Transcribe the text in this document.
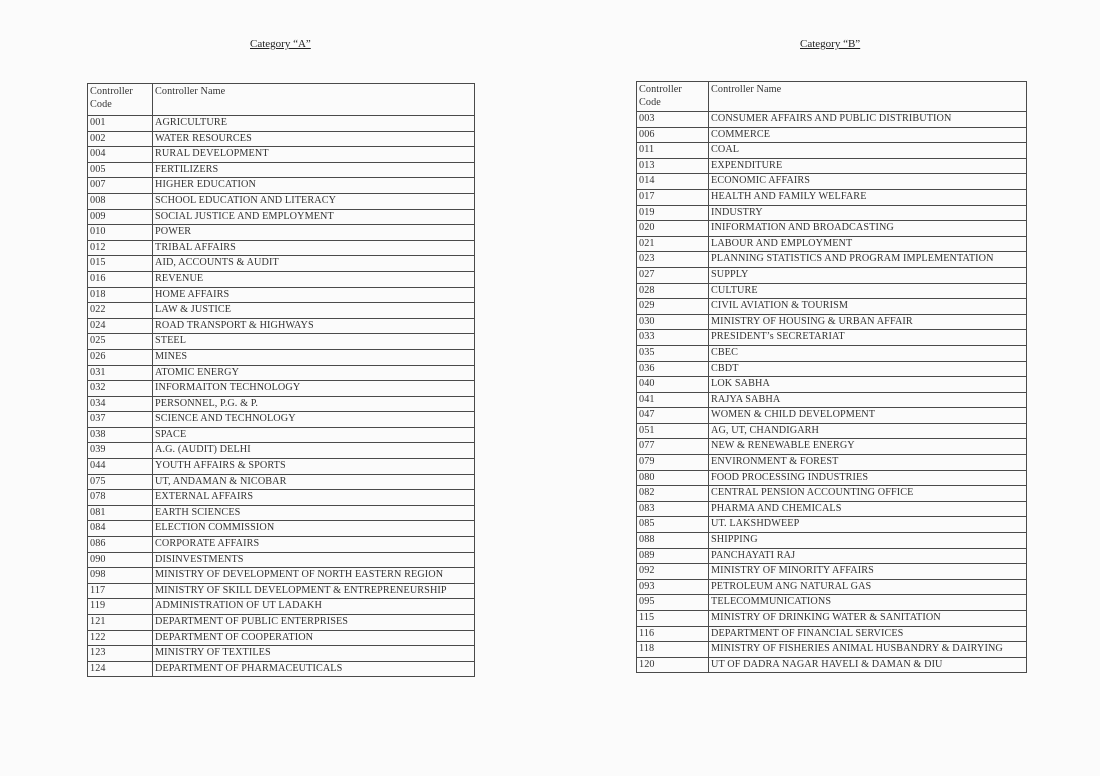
Category “A”	Category “B”
Controller Code	Controller Name
001	AGRICULTURE
002	WATER RESOURCES
004	RURAL DEVELOPMENT
005	FERTILIZERS
007	HIGHER EDUCATION
008	SCHOOL EDUCATION AND LITERACY
009	SOCIAL JUSTICE AND EMPLOYMENT
010	POWER
012	TRIBAL AFFAIRS
015	AID, ACCOUNTS & AUDIT
016	REVENUE
018	HOME AFFAIRS
022	LAW & JUSTICE
024	ROAD TRANSPORT & HIGHWAYS
025	STEEL
026	MINES
031	ATOMIC ENERGY
032	INFORMAITON TECHNOLOGY
034	PERSONNEL, P.G. & P.
037	SCIENCE AND TECHNOLOGY
038	SPACE
039	A.G. (AUDIT) DELHI
044	YOUTH AFFAIRS & SPORTS
075	UT, ANDAMAN & NICOBAR
078	EXTERNAL AFFAIRS
081	EARTH SCIENCES
084	ELECTION COMMISSION
086	CORPORATE AFFAIRS
090	DISINVESTMENTS
098	MINISTRY OF DEVELOPMENT OF NORTH EASTERN REGION
117	MINISTRY OF SKILL DEVELOPMENT & ENTREPRENEURSHIP
119	ADMINISTRATION OF UT LADAKH
121	DEPARTMENT OF PUBLIC ENTERPRISES
122	DEPARTMENT OF COOPERATION
123	MINISTRY OF TEXTILES
124	DEPARTMENT OF PHARMACEUTICALS
Controller Code	Controller Name
003	CONSUMER AFFAIRS AND PUBLIC DISTRIBUTION
006	COMMERCE
011	COAL
013	EXPENDITURE
014	ECONOMIC AFFAIRS
017	HEALTH AND FAMILY WELFARE
019	INDUSTRY
020	INIFORMATION AND BROADCASTING
021	LABOUR AND EMPLOYMENT
023	PLANNING STATISTICS AND PROGRAM IMPLEMENTATION
027	SUPPLY
028	CULTURE
029	CIVIL AVIATION & TOURISM
030	MINISTRY OF HOUSING & URBAN AFFAIR
033	PRESIDENT’s SECRETARIAT
035	CBEC
036	CBDT
040	LOK SABHA
041	RAJYA SABHA
047	WOMEN & CHILD DEVELOPMENT
051	AG, UT, CHANDIGARH
077	NEW & RENEWABLE ENERGY
079	ENVIRONMENT & FOREST
080	FOOD PROCESSING INDUSTRIES
082	CENTRAL PENSION ACCOUNTING OFFICE
083	PHARMA AND CHEMICALS
085	UT. LAKSHDWEEP
088	SHIPPING
089	PANCHAYATI RAJ
092	MINISTRY OF MINORITY AFFAIRS
093	PETROLEUM ANG NATURAL GAS
095	TELECOMMUNICATIONS
115	MINISTRY OF DRINKING WATER & SANITATION
116	DEPARTMENT OF FINANCIAL SERVICES
118	MINISTRY OF FISHERIES ANIMAL HUSBANDRY & DAIRYING
120	UT OF DADRA NAGAR HAVELI & DAMAN & DIU
